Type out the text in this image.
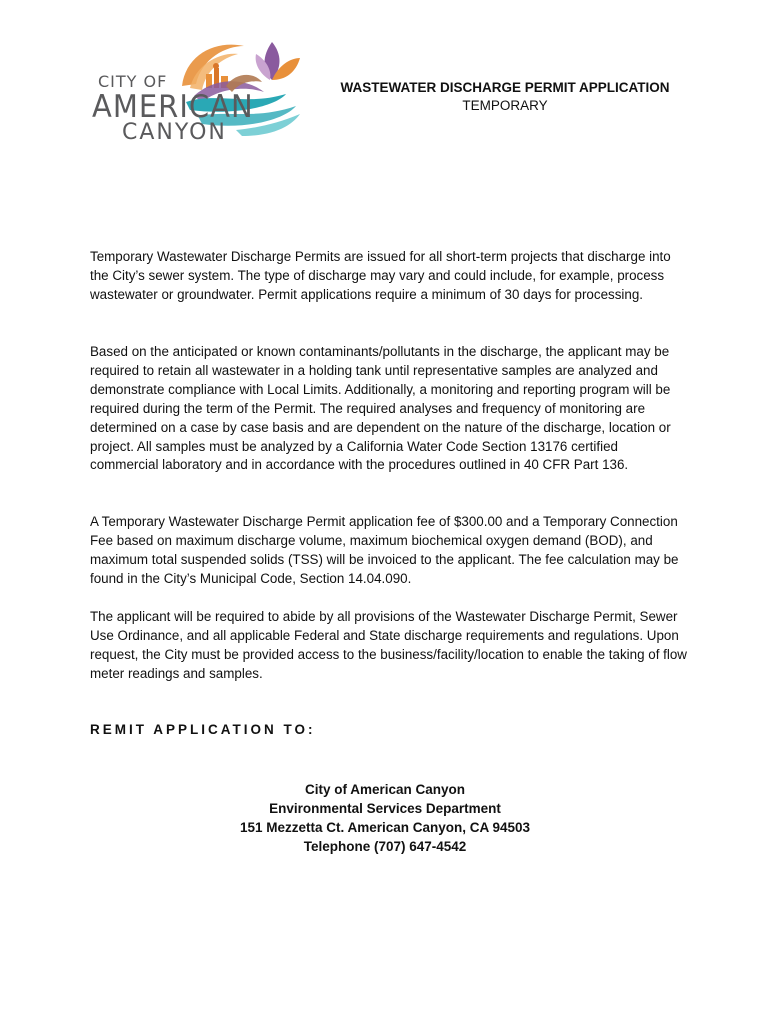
CITY OF
AMERICAN
CANYON
WASTEWATER DISCHARGE PERMIT APPLICATION
TEMPORARY

Temporary Wastewater Discharge Permits are issued for all short-term projects that discharge into the City’s sewer system. The type of discharge may vary and could include, for example, process wastewater or groundwater. Permit applications require a minimum of 30 days for processing.

Based on the anticipated or known contaminants/pollutants in the discharge, the applicant may be required to retain all wastewater in a holding tank until representative samples are analyzed and demonstrate compliance with Local Limits. Additionally, a monitoring and reporting program will be required during the term of the Permit. The required analyses and frequency of monitoring are determined on a case by case basis and are dependent on the nature of the discharge, location or project. All samples must be analyzed by a California Water Code Section 13176 certified commercial laboratory and in accordance with the procedures outlined in 40 CFR Part 136.

A Temporary Wastewater Discharge Permit application fee of $300.00 and a Temporary Connection Fee based on maximum discharge volume, maximum biochemical oxygen demand (BOD), and maximum total suspended solids (TSS) will be invoiced to the applicant. The fee calculation may be found in the City’s Municipal Code, Section 14.04.090.

The applicant will be required to abide by all provisions of the Wastewater Discharge Permit, Sewer Use Ordinance, and all applicable Federal and State discharge requirements and regulations. Upon request, the City must be provided access to the business/facility/location to enable the taking of flow meter readings and samples.

REMIT APPLICATION TO:
City of American Canyon
Environmental Services Department
151 Mezzetta Ct. American Canyon, CA 94503
Telephone (707) 647-4542
